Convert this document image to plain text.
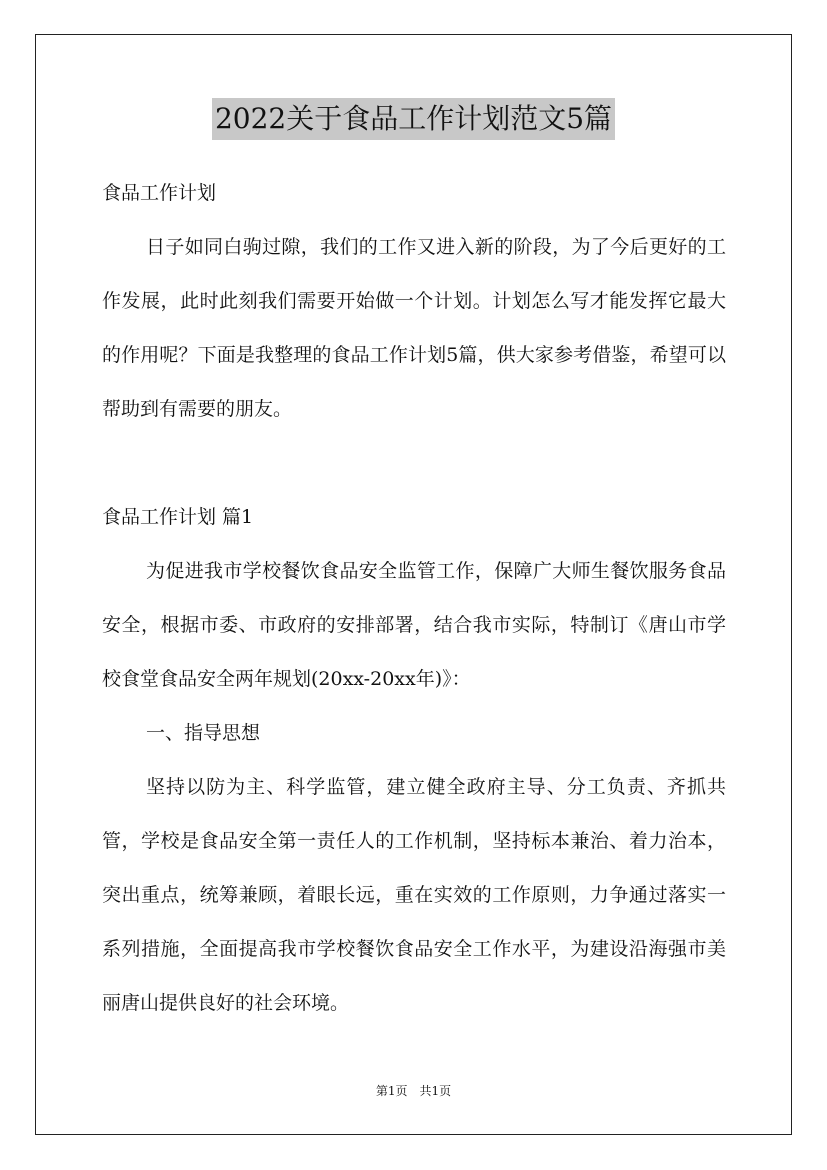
2022关于食品工作计划范文5篇
食品工作计划

日子如同白驹过隙，我们的工作又进入新的阶段，为了今后更好的工作发展，此时此刻我们需要开始做一个计划。计划怎么写才能发挥它最大的作用呢？下面是我整理的食品工作计划5篇，供大家参考借鉴，希望可以帮助到有需要的朋友。

食品工作计划 篇1

为促进我市学校餐饮食品安全监管工作，保障广大师生餐饮服务食品安全，根据市委、市政府的安排部署，结合我市实际，特制订《唐山市学校食堂食品安全两年规划(20xx-20xx年)》：

一、指导思想

坚持以防为主、科学监管，建立健全政府主导、分工负责、齐抓共管，学校是食品安全第一责任人的工作机制，坚持标本兼治、着力治本，突出重点，统筹兼顾，着眼长远，重在实效的工作原则，力争通过落实一系列措施，全面提高我市学校餐饮食品安全工作水平，为建设沿海强市美丽唐山提供良好的社会环境。

第1页　共1页
